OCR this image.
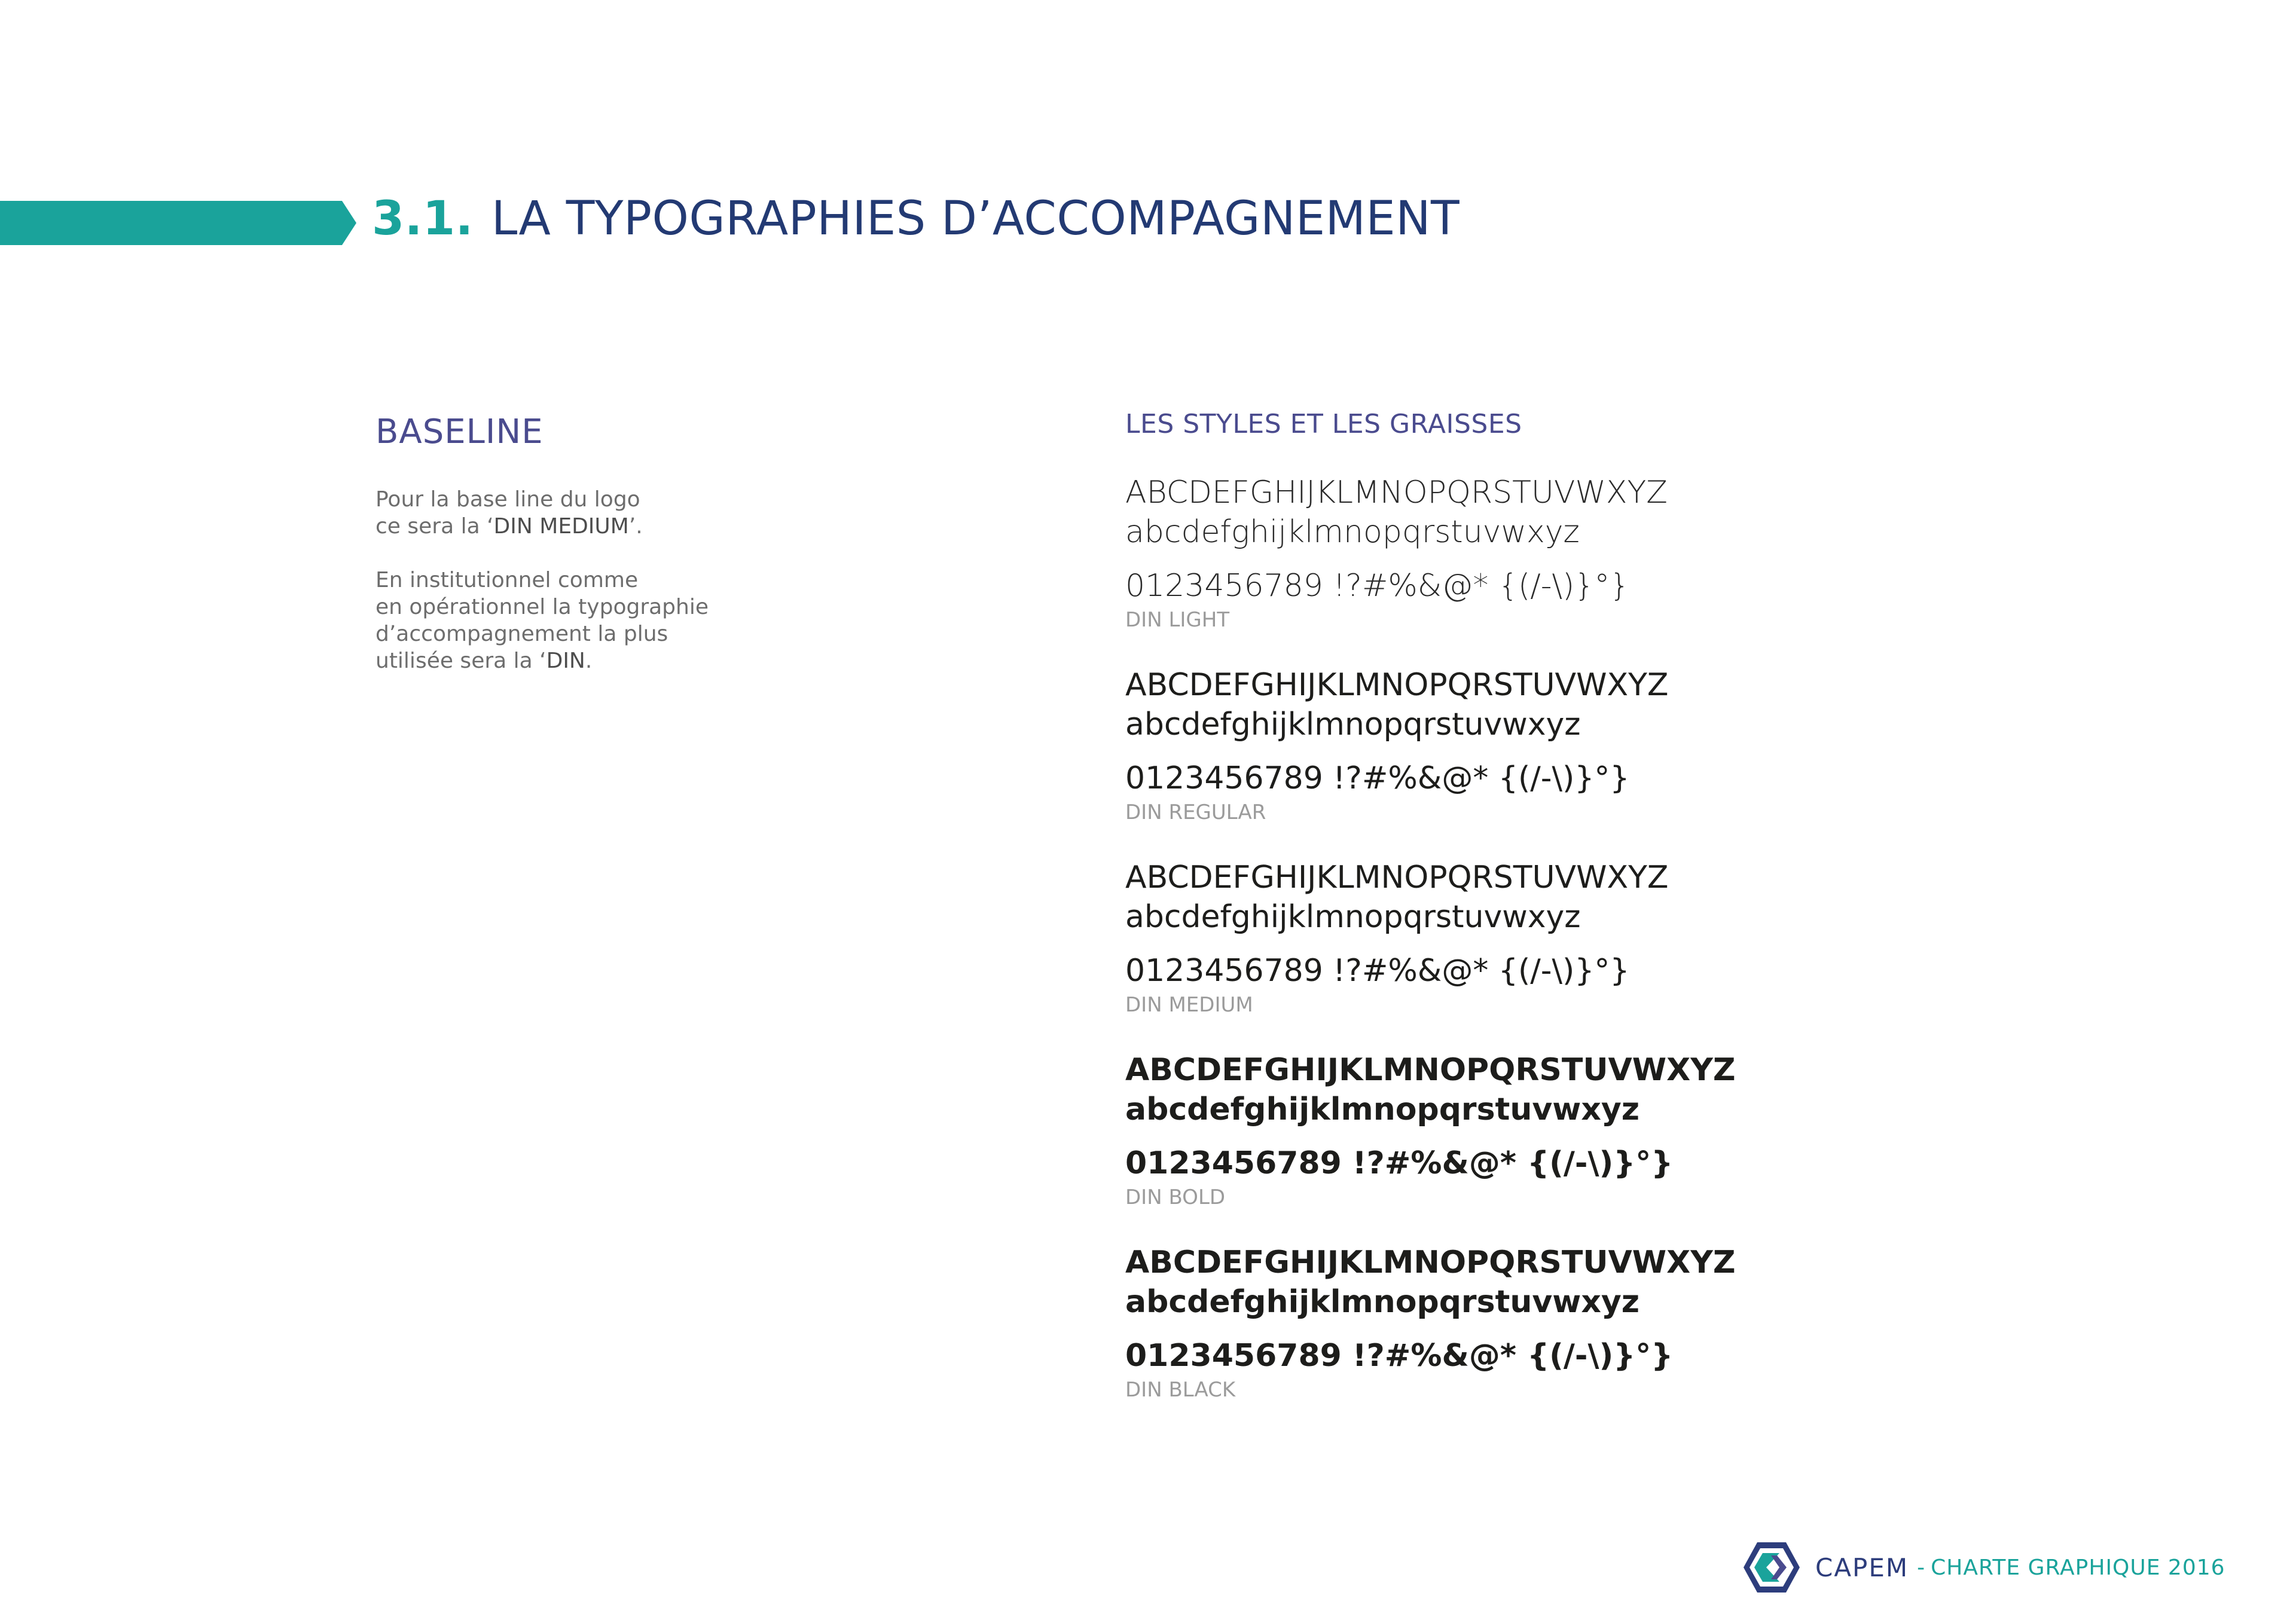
3.1. LA TYPOGRAPHIES D’ACCOMPAGNEMENT
BASELINE

Pour la base line du logo
ce sera la ‘DIN MEDIUM’.

En institutionnel comme
en opérationnel la typographie
d’accompagnement la plus
utilisée sera la ‘DIN.

LES STYLES ET LES GRAISSES
ABCDEFGHIJKLMNOPQRSTUVWXYZ
abcdefghijklmnopqrstuvwxyz
0123456789 !?#%&@* {(/-\)}°}
DIN LIGHT
ABCDEFGHIJKLMNOPQRSTUVWXYZ
abcdefghijklmnopqrstuvwxyz
0123456789 !?#%&@* {(/-\)}°}
DIN REGULAR
ABCDEFGHIJKLMNOPQRSTUVWXYZ
abcdefghijklmnopqrstuvwxyz
0123456789 !?#%&@* {(/-\)}°}
DIN MEDIUM
ABCDEFGHIJKLMNOPQRSTUVWXYZ
abcdefghijklmnopqrstuvwxyz
0123456789 !?#%&@* {(/-\)}°}
DIN BOLD
ABCDEFGHIJKLMNOPQRSTUVWXYZ
abcdefghijklmnopqrstuvwxyz
0123456789 !?#%&@* {(/-\)}°}
DIN BLACK
CAPEM - CHARTE GRAPHIQUE 2016
